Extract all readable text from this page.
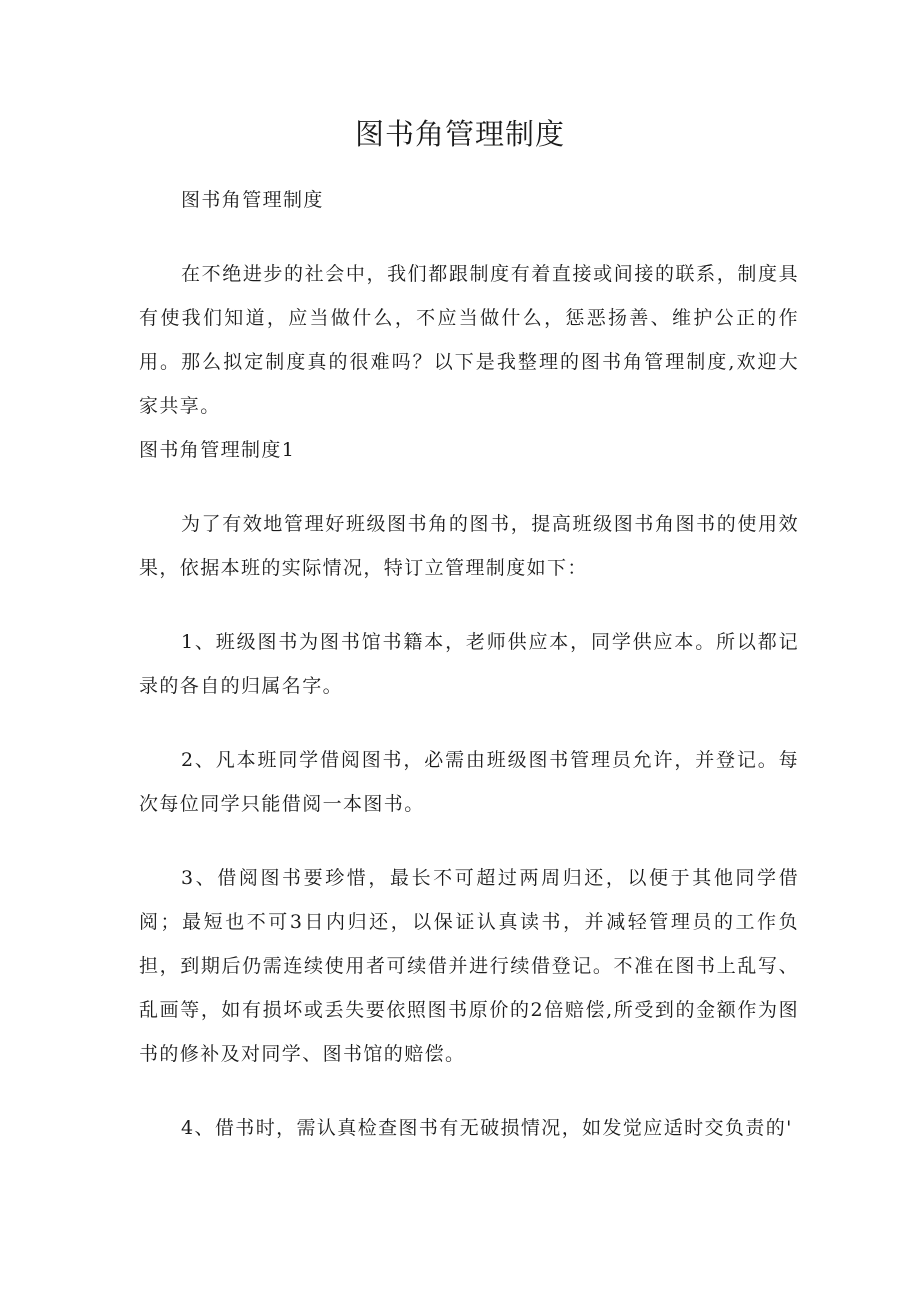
图书角管理制度

图书角管理制度

在不绝进步的社会中，我们都跟制度有着直接或间接的联系，制度具有使我们知道，应当做什么，不应当做什么，惩恶扬善、维护公正的作用。那么拟定制度真的很难吗？以下是我整理的图书角管理制度,欢迎大家共享。

图书角管理制度1

为了有效地管理好班级图书角的图书，提高班级图书角图书的使用效果，依据本班的实际情况，特订立管理制度如下：

1、班级图书为图书馆书籍本，老师供应本，同学供应本。所以都记录的各自的归属名字。

2、凡本班同学借阅图书，必需由班级图书管理员允许，并登记。每次每位同学只能借阅一本图书。

3、借阅图书要珍惜，最长不可超过两周归还，以便于其他同学借阅；最短也不可3日内归还，以保证认真读书，并减轻管理员的工作负担，到期后仍需连续使用者可续借并进行续借登记。不准在图书上乱写、乱画等，如有损坏或丢失要依照图书原价的2倍赔偿,所受到的金额作为图书的修补及对同学、图书馆的赔偿。

4、借书时，需认真检查图书有无破损情况，如发觉应适时交负责的'
